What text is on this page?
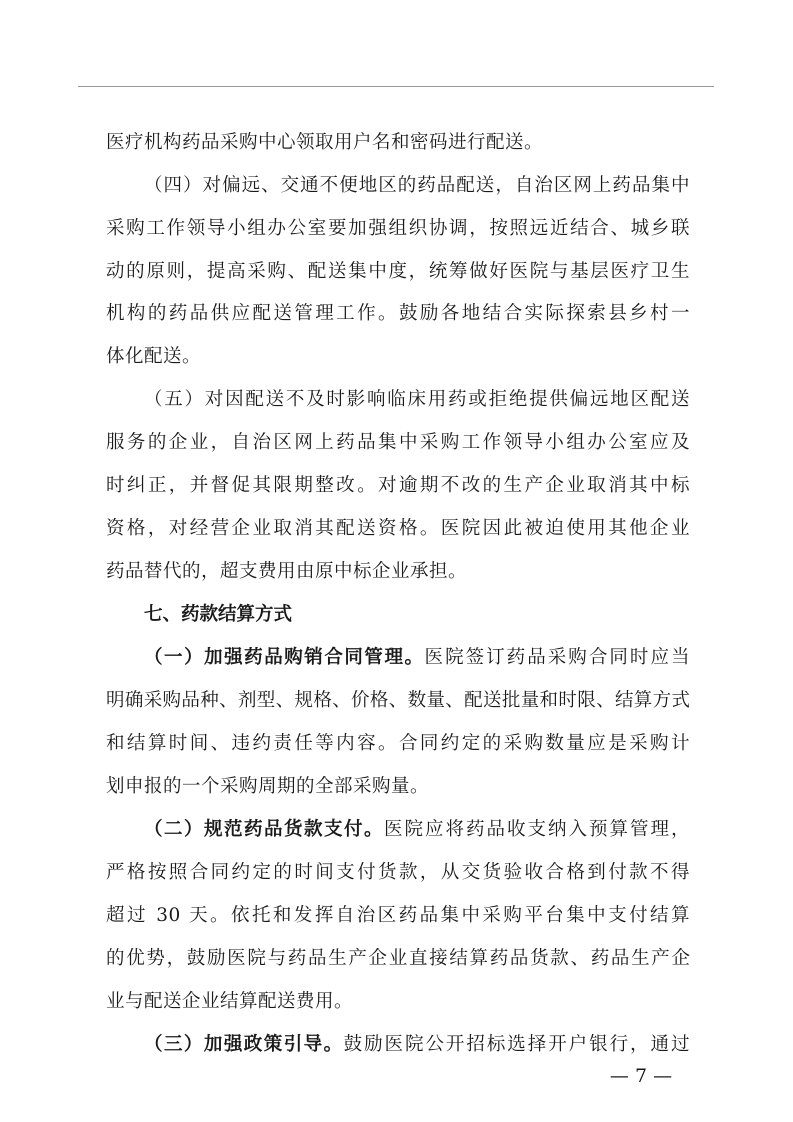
医疗机构药品采购中心领取用户名和密码进行配送。
（四）对偏远、交通不便地区的药品配送，自治区网上药品集中
采购工作领导小组办公室要加强组织协调，按照远近结合、城乡联
动的原则，提高采购、配送集中度，统筹做好医院与基层医疗卫生
机构的药品供应配送管理工作。鼓励各地结合实际探索县乡村一
体化配送。
（五）对因配送不及时影响临床用药或拒绝提供偏远地区配送
服务的企业，自治区网上药品集中采购工作领导小组办公室应及
时纠正，并督促其限期整改。对逾期不改的生产企业取消其中标
资格，对经营企业取消其配送资格。医院因此被迫使用其他企业
药品替代的，超支费用由原中标企业承担。
七、药款结算方式
（一）加强药品购销合同管理。医院签订药品采购合同时应当
明确采购品种、剂型、规格、价格、数量、配送批量和时限、结算方式
和结算时间、违约责任等内容。合同约定的采购数量应是采购计
划申报的一个采购周期的全部采购量。
（二）规范药品货款支付。医院应将药品收支纳入预算管理，
严格按照合同约定的时间支付货款，从交货验收合格到付款不得
超过 30 天。依托和发挥自治区药品集中采购平台集中支付结算
的优势，鼓励医院与药品生产企业直接结算药品货款、药品生产企
业与配送企业结算配送费用。
（三）加强政策引导。鼓励医院公开招标选择开户银行，通过
— 7 —
